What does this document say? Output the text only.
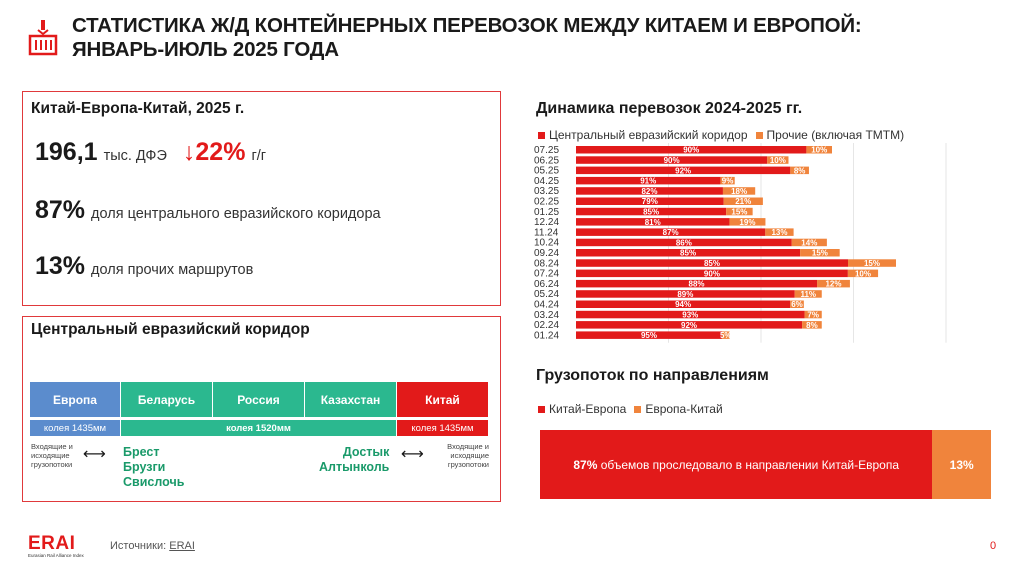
СТАТИСТИКА Ж/Д КОНТЕЙНЕРНЫХ ПЕРЕВОЗОК МЕЖДУ КИТАЕМ И ЕВРОПОЙ:
ЯНВАРЬ-ИЮЛЬ 2025 ГОДА
Китай-Европа-Китай, 2025 г.
196,1 тыс. ДФЭ ↓ 22% г/г
87% доля центрального евразийского коридора
13% доля прочих маршрутов
Центральный евразийский коридор
Европа	Беларусь	Россия	Казахстан	Китай
колея 1435мм	колея 1520мм	колея 1435мм
Входящие и исходящие грузопотоки
⟷ Брест
Брузги
Свислочь
Достык
Алтынколь
⟷	Входящие и исходящие грузопотоки
Динамика перевозок 2024-2025 гг.
Центральный евразийский коридор Прочие (включая ТМТМ)
07.25	90%	10%
06.25	90%	10%
05.25	92%	8%
04.25	91%	9%
03.25	82%	18%
02.25	79%	21%
01.25	85%	15%
12.24	81%	19%
11.24	87%	13%
10.24	86%	14%
09.24	85%	15%
08.24	85%	15%
07.24	90%	10%
06.24	88%	12%
05.24	89%	11%
04.24	94%	6%
03.24	93%	7%
02.24	92%	8%
01.24	95%	5%
Грузопоток по направлениям
Китай-Европа Европа-Китай
87%
объемов проследовало в направлении Китай-Европа	13%
ERAI
Eurasian Rail Alliance Index
Источники: ERAI	0
